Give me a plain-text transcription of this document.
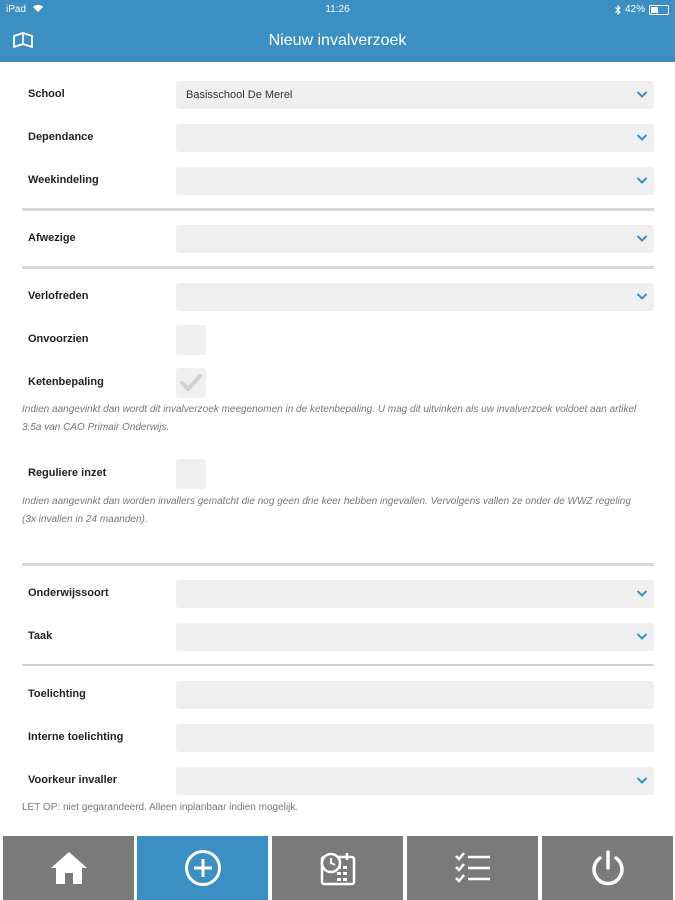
iPad	11:26	42%
Nieuw invalverzoek
School	Basisschool De Merel
Dependance
Weekindeling
Afwezige
Verlofreden
Onvoorzien
Ketenbepaling
Indien aangevinkt dan wordt dit invalverzoek meegenomen in de ketenbepaling. U mag dit uitvinken als uw invalverzoek voldoet aan artikel 3.5a van CAO Primair Onderwijs.
Reguliere inzet
Indien aangevinkt dan worden invallers gematcht die nog geen drie keer hebben ingevallen. Vervolgens vallen ze onder de WWZ regeling (3x invallen in 24 maanden).
Onderwijssoort
Taak
Toelichting
Interne toelichting
Voorkeur invaller
LET OP: niet gegarandeerd. Alleen inplanbaar indien mogelijk.
